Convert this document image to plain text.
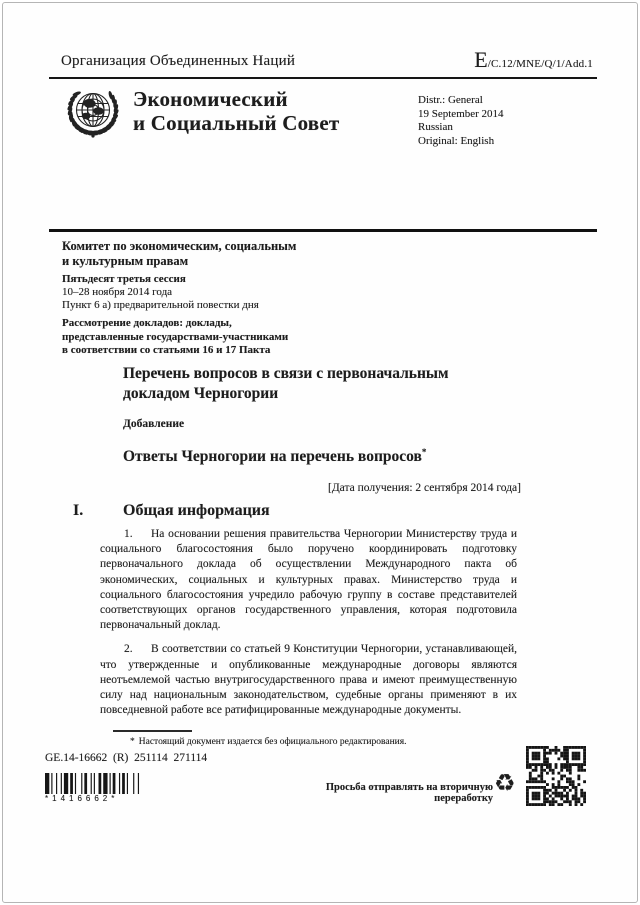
Организация Объединенных Наций	E /C.12/MNE/Q/1/Add.1
Экономический
и Социальный Совет
Distr.: General
19 September 2014
Russian
Original: English
Комитет по экономическим, социальным
и культурным правам
Пятьдесят третья сессия
10–28 ноября 2014 года
Пункт 6 а) предварительной повестки дня
Рассмотрение докладов: доклады,
представленные государствами-участниками
в соответствии со статьями 16 и 17 Пакта
Перечень вопросов в связи с первоначальным
докладом Черногории
Добавление
Ответы Черногории на перечень вопросов*
[Дата получения: 2 сентября 2014 года]
I. Общая информация

1. На основании решения правительства Черногории Министерству труда и социального благосостояния было поручено координировать подготовку первоначального доклада об осуществлении Международного пакта об экономических, социальных и культурных правах. Министерство труда и социального благосостояния учредило рабочую группу в составе представителей соответствующих органов государственного управления, которая подготовила первоначальный доклад.

2. В соответствии со статьей 9 Конституции Черногории, устанавливающей, что утвержденные и опубликованные международные договоры являются неотъемлемой частью внутригосударственного права и имеют преимущественную силу над национальным законодательством, судебные органы применяют в их повседневной работе все ратифицированные международные документы.

* Настоящий документ издается без официального редактирования.
GE.14-16662  (R)  251114  271114
*1416662*
Просьба отправлять на вторичную переработку
♻
